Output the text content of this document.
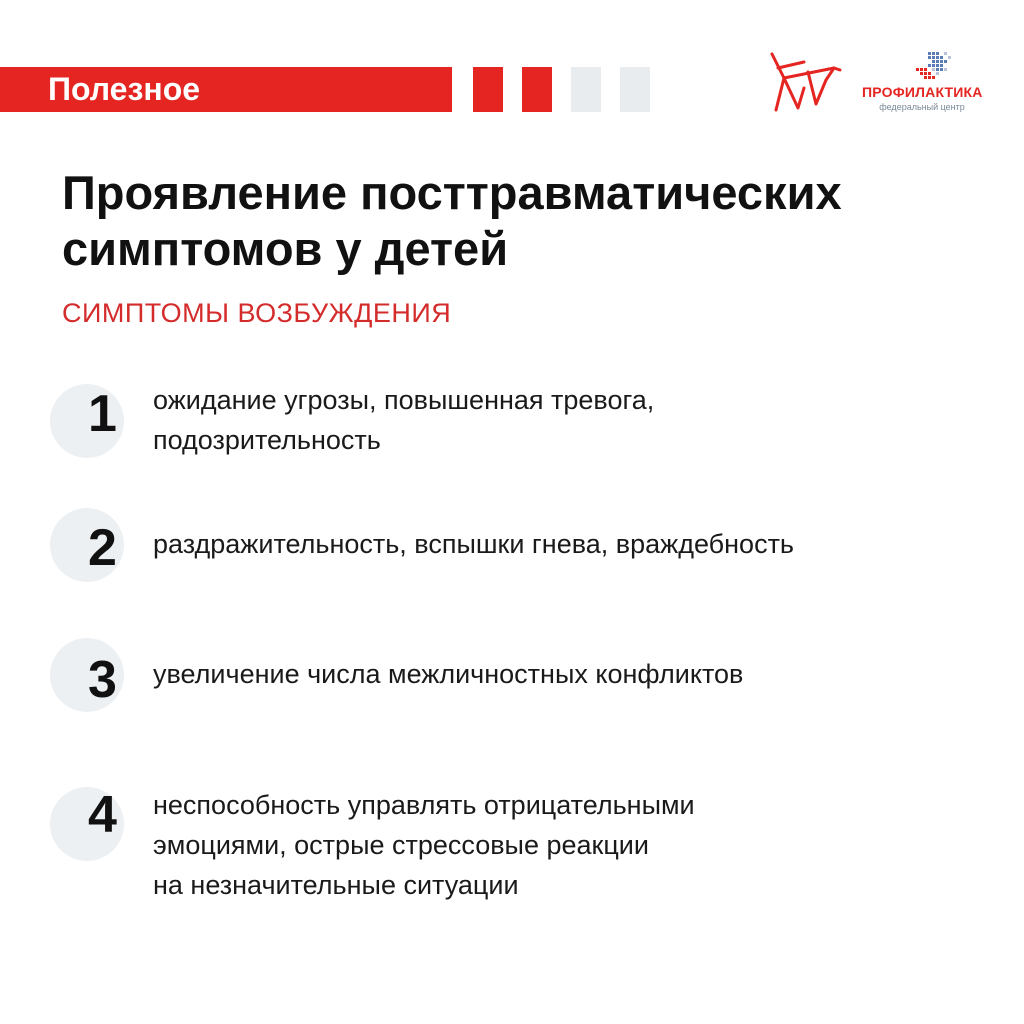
Полезное	ПРОФИЛАКТИКА
федеральный центр
Проявление посттравматических
симптомов у детей
СИМПТОМЫ ВОЗБУЖДЕНИЯ
1 ожидание угрозы, повышенная тревога,
подозрительность
2 раздражительность, вспышки гнева, враждебность
3 увеличение числа межличностных конфликтов
4 неспособность управлять отрицательными
эмоциями, острые стрессовые реакции
на незначительные ситуации
